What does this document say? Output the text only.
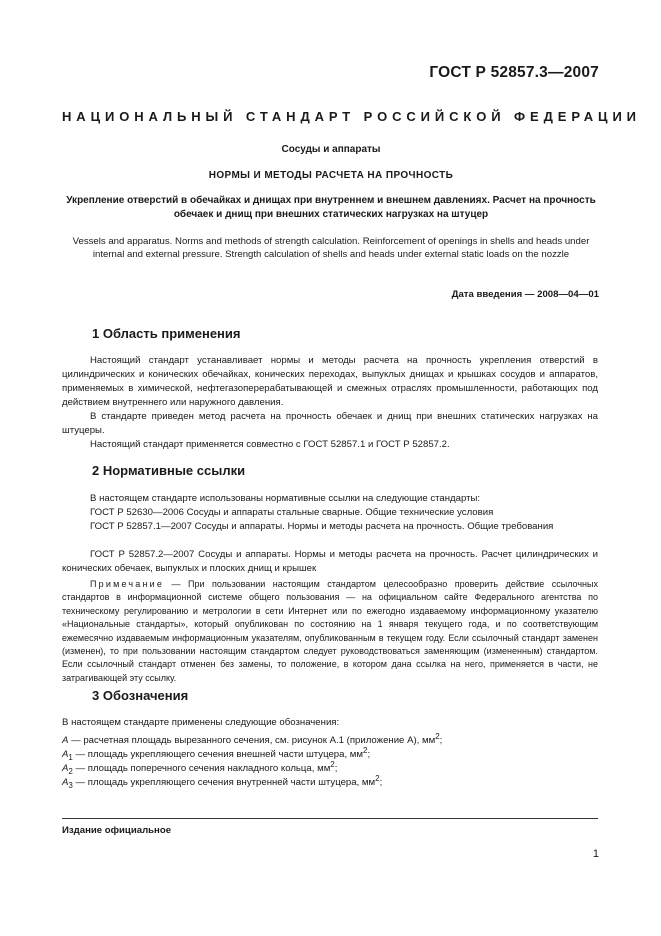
ГОСТ Р 52857.3—2007
НАЦИОНАЛЬНЫЙ СТАНДАРТ РОССИЙСКОЙ ФЕДЕРАЦИИ
Сосуды и аппараты
НОРМЫ И МЕТОДЫ РАСЧЕТА НА ПРОЧНОСТЬ
Укрепление отверстий в обечайках и днищах при внутреннем и внешнем давлениях. Расчет на прочность обечаек и днищ при внешних статических нагрузках на штуцер
Vessels and apparatus. Norms and methods of strength calculation. Reinforcement of openings in shells and heads under internal and external pressure. Strength calculation of shells and heads under external static loads on the nozzle
Дата введения — 2008—04—01
1 Область применения
Настоящий стандарт устанавливает нормы и методы расчета на прочность укрепления отверстий в цилиндрических и конических обечайках, конических переходах, выпуклых днищах и крышках сосудов и аппаратов, применяемых в химической, нефтегазоперерабатывающей и смежных отраслях промышленности, работающих под действием внутреннего или наружного давления.
В стандарте приведен метод расчета на прочность обечаек и днищ при внешних статических нагрузках на штуцеры.
Настоящий стандарт применяется совместно с ГОСТ 52857.1 и ГОСТ Р 52857.2.
2 Нормативные ссылки
В настоящем стандарте использованы нормативные ссылки на следующие стандарты:
ГОСТ Р 52630—2006 Сосуды и аппараты стальные сварные. Общие технические условия
ГОСТ Р 52857.1—2007 Сосуды и аппараты. Нормы и методы расчета на прочность. Общие требования
ГОСТ Р 52857.2—2007 Сосуды и аппараты. Нормы и методы расчета на прочность. Расчет цилиндрических и конических обечаек, выпуклых и плоских днищ и крышек
Примечание — При пользовании настоящим стандартом целесообразно проверить действие ссылочных стандартов в информационной системе общего пользования — на официальном сайте Федерального агентства по техническому регулированию и метрологии в сети Интернет или по ежегодно издаваемому информационному указателю «Национальные стандарты», который опубликован по состоянию на 1 января текущего года, и по соответствующим ежемесячно издаваемым информационным указателям, опубликованным в текущем году. Если ссылочный стандарт заменен (изменен), то при пользовании настоящим стандартом следует руководствоваться заменяющим (измененным) стандартом. Если ссылочный стандарт отменен без замены, то положение, в котором дана ссылка на него, применяется в части, не затрагивающей эту ссылку.
3 Обозначения
В настоящем стандарте применены следующие обозначения:
A — расчетная площадь вырезанного сечения, см. рисунок А.1 (приложение А), $мм^2$;
$A_1$ — площадь укрепляющего сечения внешней части штуцера, $мм^2$;
$A_2$ — площадь поперечного сечения накладного кольца, $мм^2$;
$A_3$ — площадь укрепляющего сечения внутренней части штуцера, $мм^2$;
Издание официальное
1
